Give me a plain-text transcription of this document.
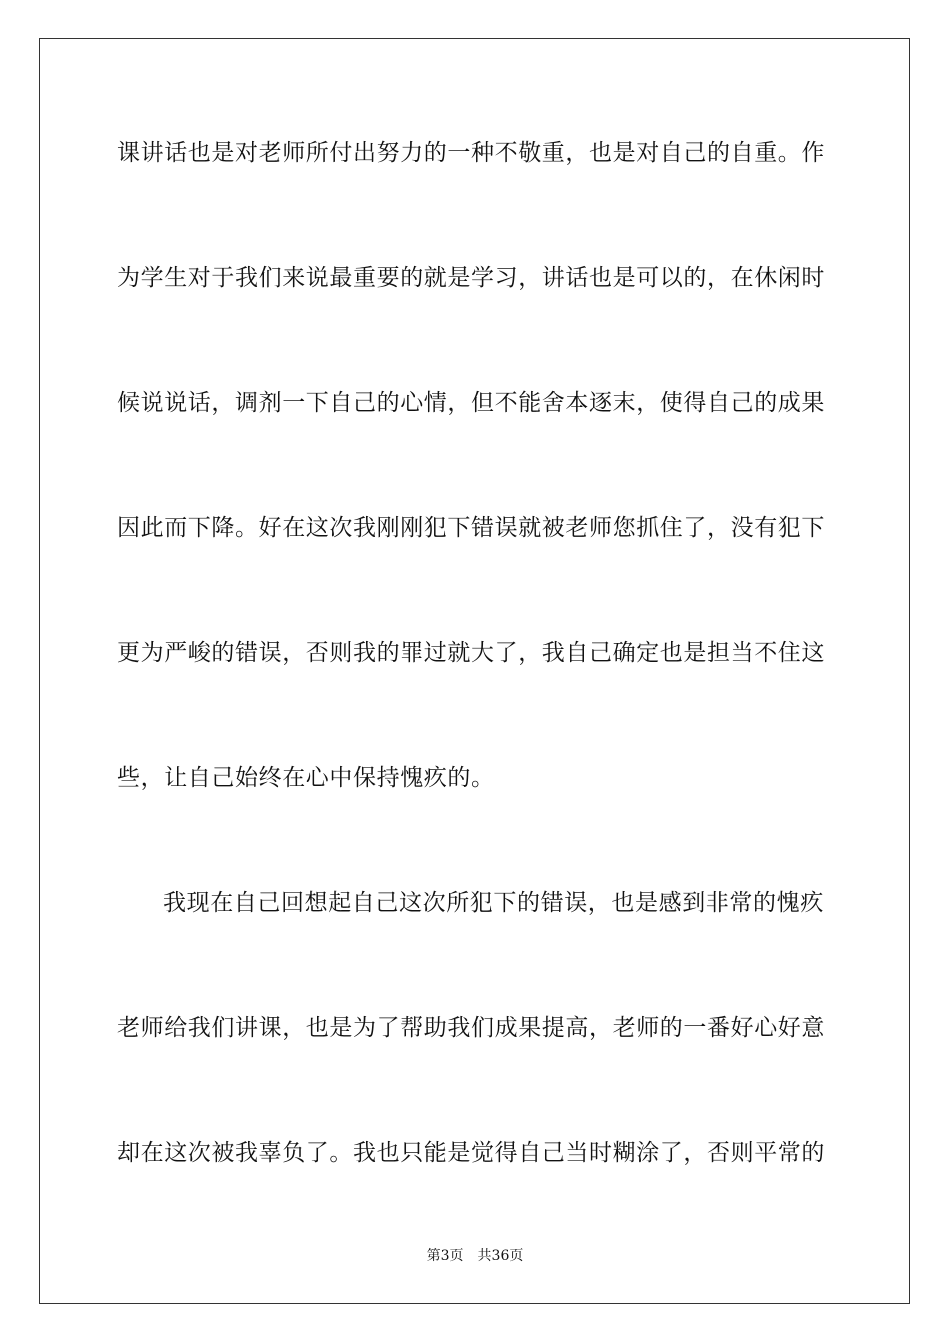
课讲话也是对老师所付出努力的一种不敬重，也是对自己的自重。作
为学生对于我们来说最重要的就是学习，讲话也是可以的，在休闲时
候说说话，调剂一下自己的心情，但不能舍本逐末，使得自己的成果
因此而下降。好在这次我刚刚犯下错误就被老师您抓住了，没有犯下
更为严峻的错误，否则我的罪过就大了，我自己确定也是担当不住这
些，让自己始终在心中保持愧疚的。
我现在自己回想起自己这次所犯下的错误，也是感到非常的愧疚
老师给我们讲课，也是为了帮助我们成果提高，老师的一番好心好意
却在这次被我辜负了。我也只能是觉得自己当时糊涂了，否则平常的
第3页 共36页
